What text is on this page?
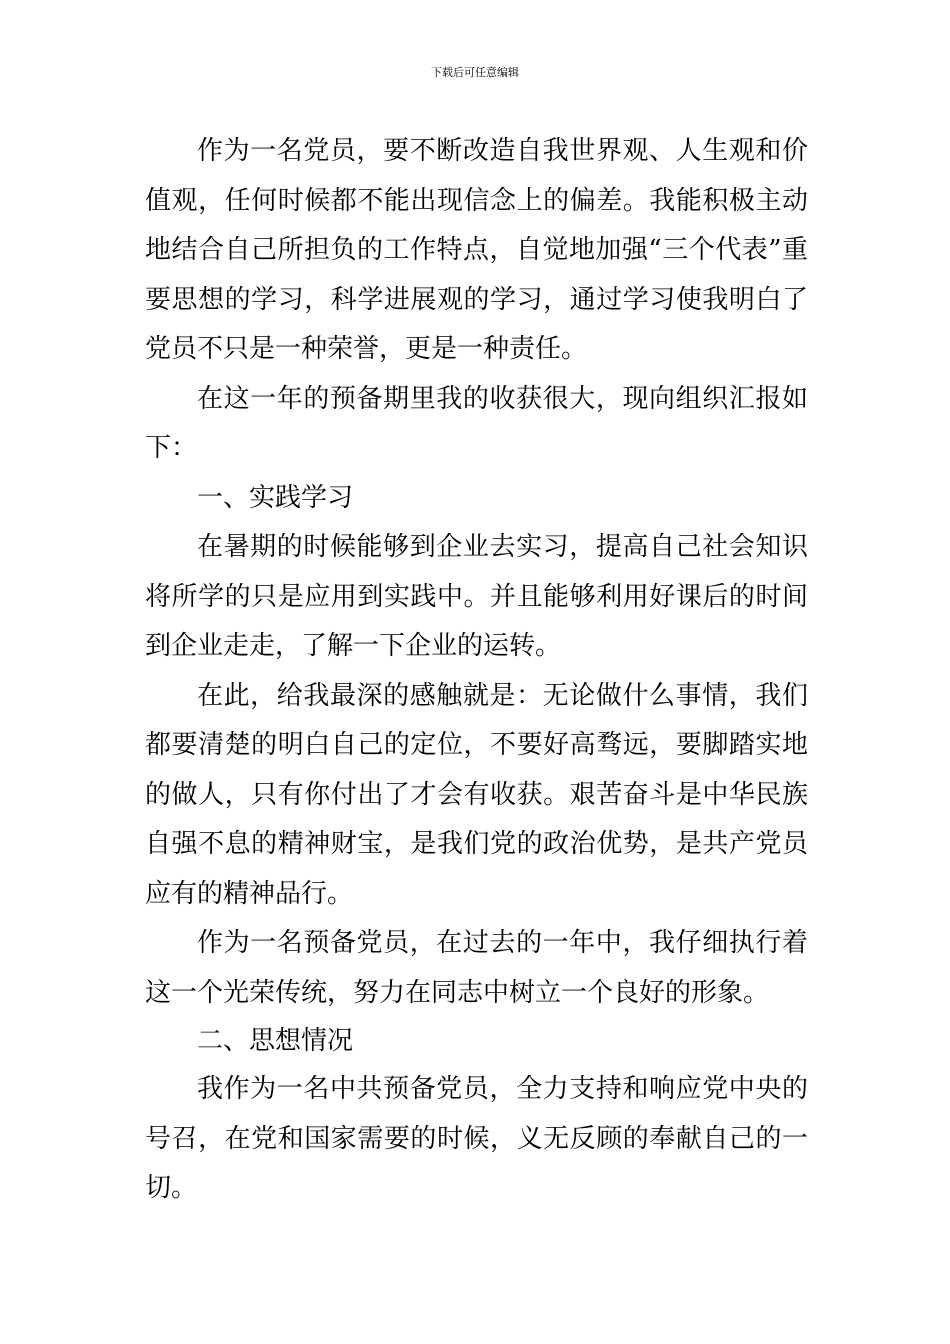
下载后可任意编辑

作为一名党员，要不断改造自我世界观、人生观和价值观，任何时候都不能出现信念上的偏差。我能积极主动地结合自己所担负的工作特点，自觉地加强“三个代表”重要思想的学习，科学进展观的学习，通过学习使我明白了党员不只是一种荣誉，更是一种责任。

在这一年的预备期里我的收获很大，现向组织汇报如下：

一、实践学习

在暑期的时候能够到企业去实习，提高自己社会知识将所学的只是应用到实践中。并且能够利用好课后的时间到企业走走，了解一下企业的运转。

在此，给我最深的感触就是：无论做什么事情，我们都要清楚的明白自己的定位，不要好高骛远，要脚踏实地的做人，只有你付出了才会有收获。艰苦奋斗是中华民族自强不息的精神财宝，是我们党的政治优势，是共产党员应有的精神品行。

作为一名预备党员，在过去的一年中，我仔细执行着这一个光荣传统，努力在同志中树立一个良好的形象。

二、思想情况

我作为一名中共预备党员，全力支持和响应党中央的号召，在党和国家需要的时候，义无反顾的奉献自己的一切。
